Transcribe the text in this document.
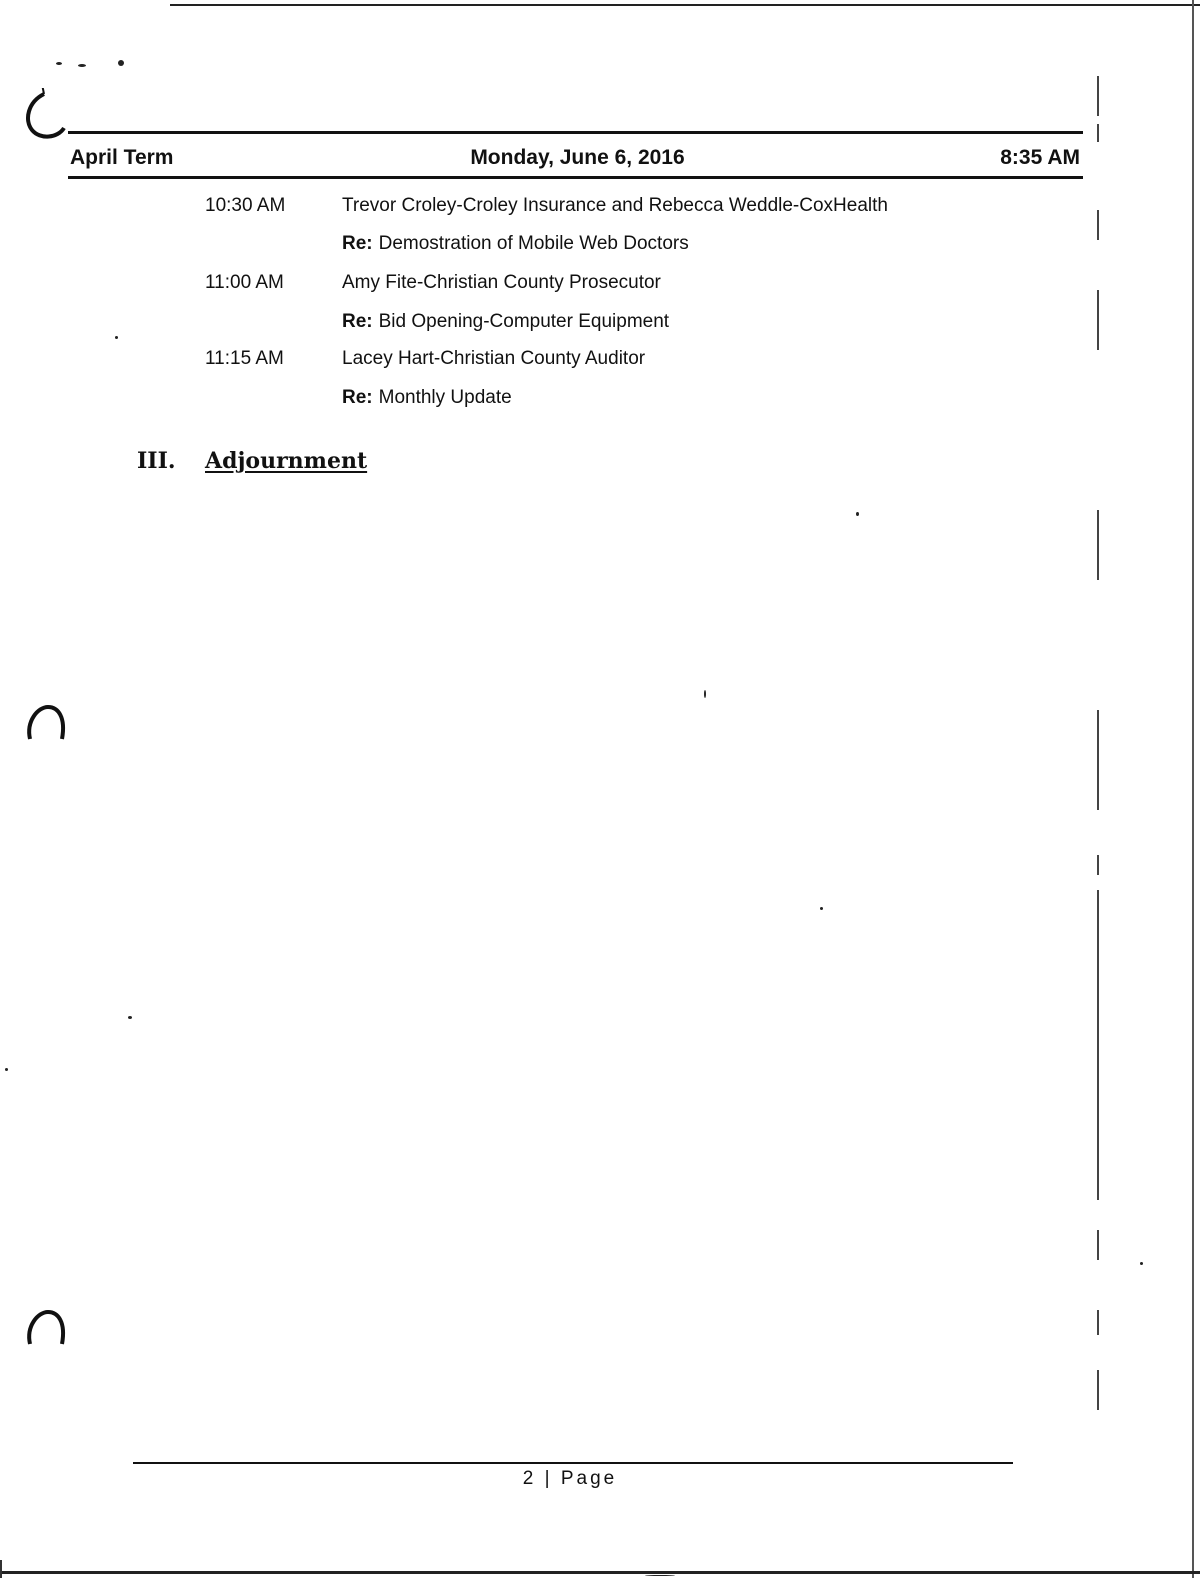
April Term	Monday, June 6, 2016	8:35 AM
10:30 AM	Trevor Croley-Croley Insurance and Rebecca Weddle-CoxHealth
Re: Demostration of Mobile Web Doctors
11:00 AM	Amy Fite-Christian County Prosecutor
Re: Bid Opening-Computer Equipment
11:15 AM	Lacey Hart-Christian County Auditor
Re: Monthly Update
III. Adjournment
2 | Page
